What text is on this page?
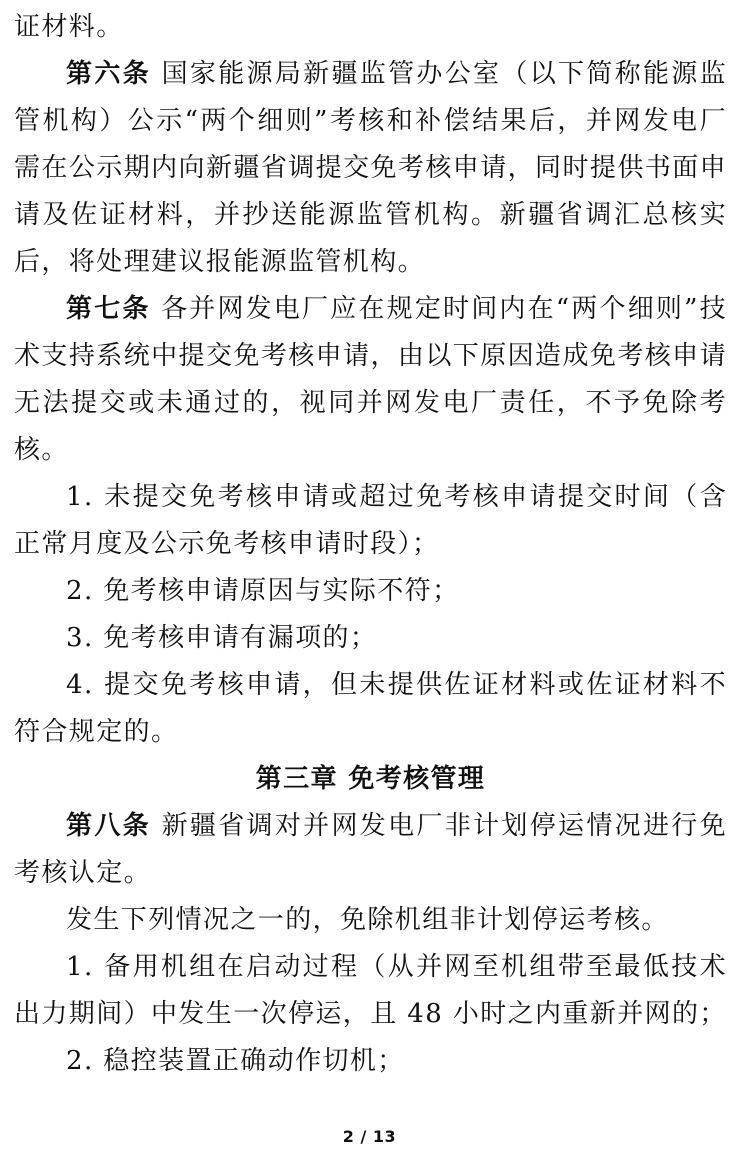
证材料。

第六条 国家能源局新疆监管办公室（以下简称能源监管机构）公示“两个细则”考核和补偿结果后，并网发电厂需在公示期内向新疆省调提交免考核申请，同时提供书面申请及佐证材料，并抄送能源监管机构。新疆省调汇总核实后，将处理建议报能源监管机构。

第七条 各并网发电厂应在规定时间内在“两个细则”技术支持系统中提交免考核申请，由以下原因造成免考核申请无法提交或未通过的，视同并网发电厂责任，不予免除考核。

1. 未提交免考核申请或超过免考核申请提交时间（含正常月度及公示免考核申请时段）；

2. 免考核申请原因与实际不符；

3. 免考核申请有漏项的；

4. 提交免考核申请，但未提供佐证材料或佐证材料不符合规定的。

第三章 免考核管理

第八条 新疆省调对并网发电厂非计划停运情况进行免考核认定。

发生下列情况之一的，免除机组非计划停运考核。

1. 备用机组在启动过程（从并网至机组带至最低技术出力期间）中发生一次停运，且 48 小时之内重新并网的；

2. 稳控装置正确动作切机；

2 / 13
